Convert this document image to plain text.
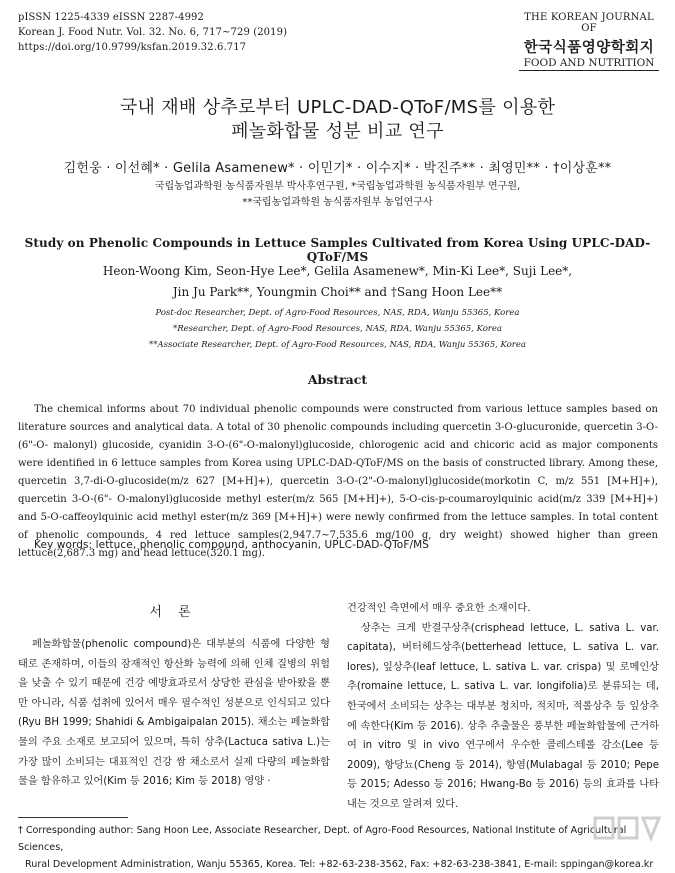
pISSN 1225-4339 eISSN 2287-4992
Korean J. Food Nutr. Vol. 32. No. 6, 717~729 (2019)
https://doi.org/10.9799/ksfan.2019.32.6.717
THE KOREAN JOURNAL OF
한국식품영양학회지
FOOD AND NUTRITION
국내 재배 상추로부터 UPLC-DAD-QToF/MS를 이용한
페놀화합물 성분 비교 연구
김헌웅 · 이선혜* · Gelila Asamenew* · 이민기* · 이수지* · 박진주** · 최영민** · †이상훈**
국립농업과학원 농식품자원부 박사후연구원, *국립농업과학원 농식품자원부 연구원,
**국립농업과학원 농식품자원부 농업연구사
Study on Phenolic Compounds in Lettuce Samples Cultivated from Korea Using UPLC-DAD-QToF/MS
Heon-Woong Kim, Seon-Hye Lee*, Gelila Asamenew*, Min-Ki Lee*, Suji Lee*,
Jin Ju Park**, Youngmin Choi** and †Sang Hoon Lee**
Post-doc Researcher, Dept. of Agro-Food Resources, NAS, RDA, Wanju 55365, Korea
*Researcher, Dept. of Agro-Food Resources, NAS, RDA, Wanju 55365, Korea
**Associate Researcher, Dept. of Agro-Food Resources, NAS, RDA, Wanju 55365, Korea
Abstract
The chemical informs about 70 individual phenolic compounds were constructed from various lettuce samples based on literature sources and analytical data. A total of 30 phenolic compounds including quercetin 3-O-glucuronide, quercetin 3-O-(6"-O- malonyl) glucoside, cyanidin 3-O-(6"-O-malonyl)glucoside, chlorogenic acid and chicoric acid as major components were identified in 6 lettuce samples from Korea using UPLC-DAD-QToF/MS on the basis of constructed library. Among these, quercetin 3,7-di-O-glucoside(m/z 627 [M+H]+), quercetin 3-O-(2"-O-malonyl)glucoside(morkotin C, m/z 551 [M+H]+), quercetin 3-O-(6"- O-malonyl)glucoside methyl ester(m/z 565 [M+H]+), 5-O-cis-p-coumaroylquinic acid(m/z 339 [M+H]+) and 5-O-caffeoylquinic acid methyl ester(m/z 369 [M+H]+) were newly confirmed from the lettuce samples. In total content of phenolic compounds, 4 red lettuce samples(2,947.7~7,535.6 mg/100 g, dry weight) showed higher than green lettuce(2,687.3 mg) and head lettuce(320.1 mg).
Key words: lettuce, phenolic compound, anthocyanin, UPLC-DAD-QToF/MS
서 론
페놀화합물(phenolic compound)은 대부분의 식품에 다양한 형태로 존재하며, 이들의 잠재적인 항산화 능력에 의해 인체 질병의 위험을 낮출 수 있기 때문에 건강 예방효과로서 상당한 관심을 받아왔을 뿐만 아니라, 식품 섭취에 있어서 매우 필수적인 성분으로 인식되고 있다(Ryu BH 1999; Shahidi & Ambigaipalan 2015). 채소는 페놀화합물의 주요 소재로 보고되어 있으며, 특히 상추(Lactuca sativa L.)는 가장 많이 소비되는 대표적인 건강 쌈 채소로서 실제 다량의 페놀화합물을 함유하고 있어(Kim 등 2016; Kim 등 2018) 영양 ·
건강적인 측면에서 매우 중요한 소재이다.
상추는 크게 반결구상추(crisphead lettuce, L. sativa L. var. capitata), 버터헤드상추(betterhead lettuce, L. sativa L. var. lores), 잎상추(leaf lettuce, L. sativa L. var. crispa) 및 로메인상추(romaine lettuce, L. sativa L. var. longifolia)로 분류되는 데, 한국에서 소비되는 상추는 대부분 청치마, 적치마, 적롤상추 등 잎상추에 속한다(Kim 등 2016). 상추 추출물은 풍부한 페놀화합물에 근거하여 in vitro 및 in vivo 연구에서 우수한 콜레스테롤 감소(Lee 등 2009), 항당뇨(Cheng 등 2014), 항염(Mulabagal 등 2010; Pepe 등 2015; Adesso 등 2016; Hwang-Bo 등 2016) 등의 효과를 나타내는 것으로 알려져 있다.
† Corresponding author: Sang Hoon Lee, Associate Researcher, Dept. of Agro-Food Resources, National Institute of Agricultural Sciences,
Rural Development Administration, Wanju 55365, Korea. Tel: +82-63-238-3562, Fax: +82-63-238-3841, E-mail: sppingan@korea.kr
